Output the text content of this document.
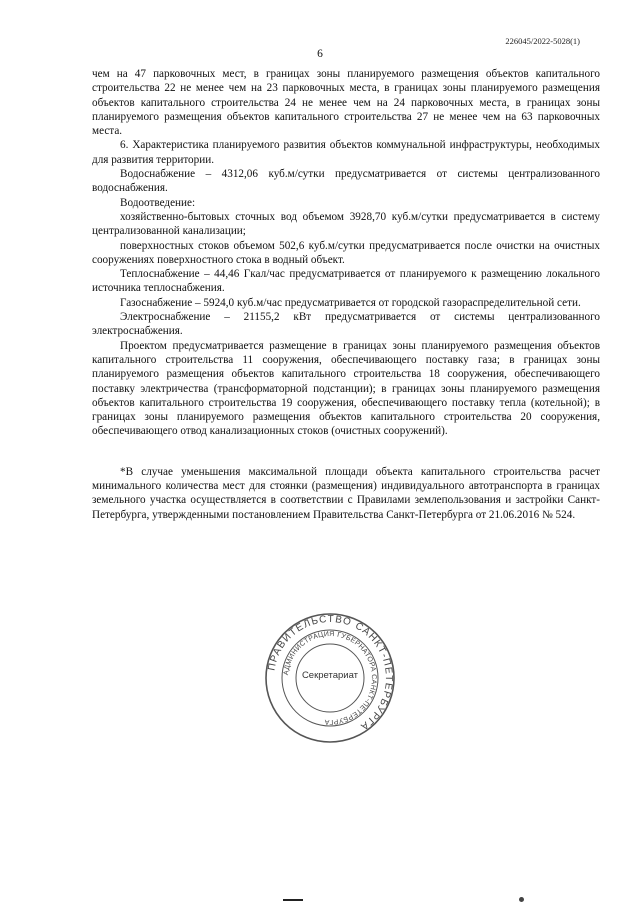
226045/2022-5028(1)
6

чем на 47 парковочных мест, в границах зоны планируемого размещения объектов капитального строительства 22 не менее чем на 23 парковочных места, в границах зоны планируемого размещения объектов капитального строительства 24 не менее чем на 24 парковочных места, в границах зоны планируемого размещения объектов капитального строительства 27 не менее чем на 63 парковочных места.

6. Характеристика планируемого развития объектов коммунальной инфраструктуры, необходимых для развития территории.

Водоснабжение – 4312,06 куб.м/сутки предусматривается от системы централизованного водоснабжения.

Водоотведение:

хозяйственно-бытовых сточных вод объемом 3928,70 куб.м/сутки предусматривается в систему централизованной канализации;

поверхностных стоков объемом 502,6 куб.м/сутки предусматривается после очистки на очистных сооружениях поверхностного стока в водный объект.

Теплоснабжение – 44,46 Гкал/час предусматривается от планируемого к размещению локального источника теплоснабжения.

Газоснабжение – 5924,0 куб.м/час предусматривается от городской газораспределительной сети.

Электроснабжение – 21155,2 кВт предусматривается от системы централизованного электроснабжения.

Проектом предусматривается размещение в границах зоны планируемого размещения объектов капитального строительства 11 сооружения, обеспечивающего поставку газа; в границах зоны планируемого размещения объектов капитального строительства 18 сооружения, обеспечивающего поставку электричества (трансформаторной подстанции); в границах зоны планируемого размещения объектов капитального строительства 19 сооружения, обеспечивающего поставку тепла (котельной); в границах зоны планируемого размещения объектов капитального строительства 20 сооружения, обеспечивающего отвод канализационных стоков (очистных сооружений).

*В случае уменьшения максимальной площади объекта капитального строительства расчет минимального количества мест для стоянки (размещения) индивидуального автотранспорта в границах земельного участка осуществляется в соответствии с Правилами землепользования и застройки Санкт-Петербурга, утвержденными постановлением Правительства Санкт-Петербурга от 21.06.2016 № 524.

ПРАВИТЕЛЬСТВО САНКТ-ПЕТЕРБУРГА
АДМИНИСТРАЦИЯ ГУБЕРНАТОРА САНКТ-ПЕТЕРБУРГА
Секретариат
